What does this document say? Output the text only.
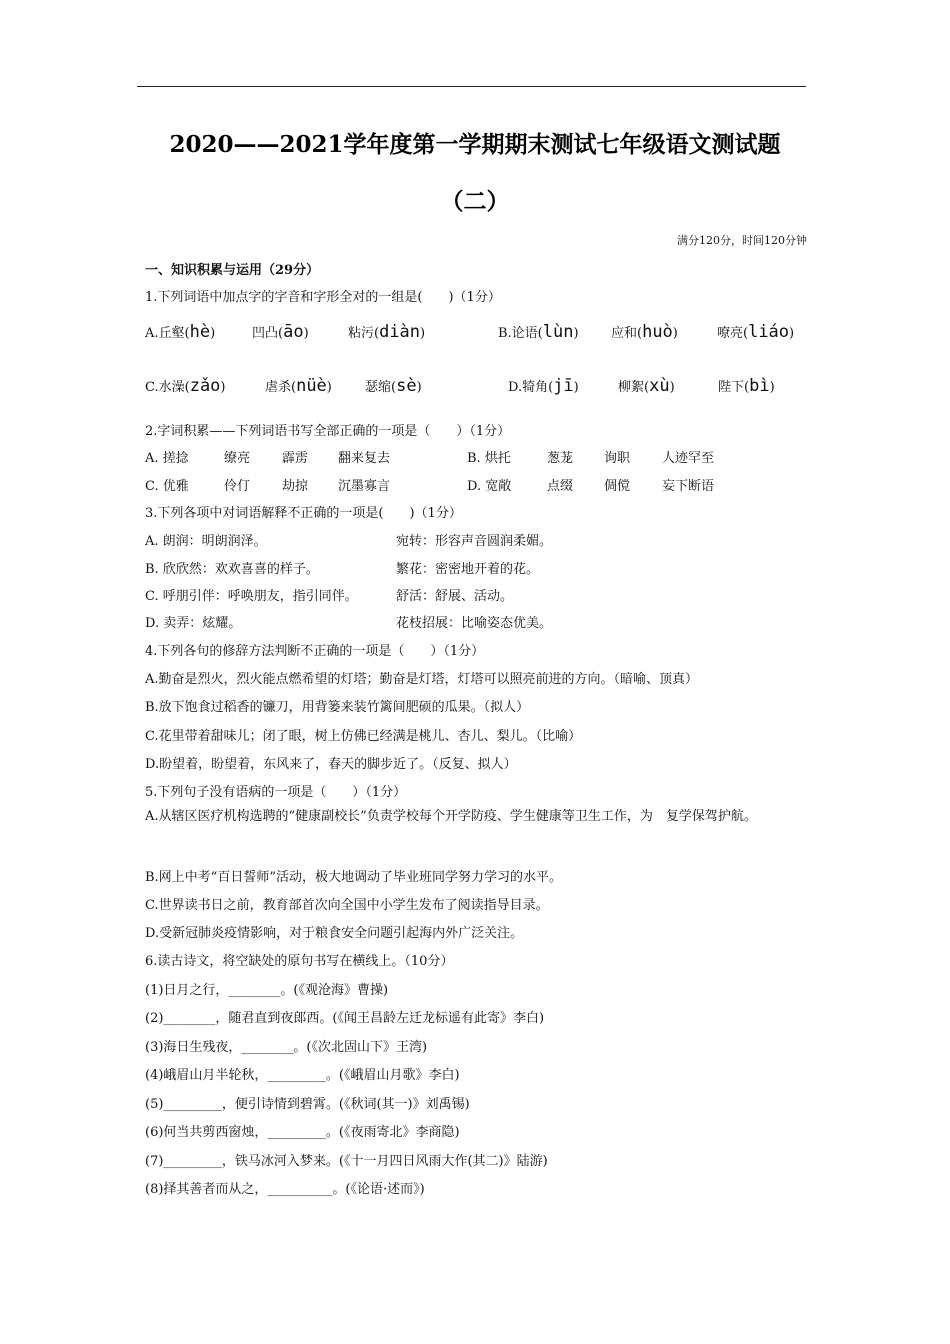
2020——2021学年度第一学期期末测试七年级语文测试题
（二）
满分120分，时间120分钟
一、知识积累与运用（29分）
1.下列词语中加点字的字音和字形全对的一组是(　　)（1分）
A.丘壑(hè)	凹凸(āo)	粘污(diàn)	B.论语(lùn) 应和(huò)	嘹亮(liáo)
C.水澡(zǎo)	虐杀(nüè)	瑟缩(sè)	D.犄角(jī)	柳絮(xù)	陛下(bì)
2.字词积累——下列词语书写全部正确的一项是（　　）（1分）
A. 搓捻	缭亮 霹雳 翻来复去	B. 烘托	葱茏 询职 人迹罕至
C. 优雅	伶仃 劫掠 沉墨寡言	D. 宽敞	点缀 倜傥 妄下断语
3.下列各项中对词语解释不正确的一项是(　　)（1分）
A. 朗润：明朗润泽。	宛转：形容声音圆润柔媚。
B. 欣欣然：欢欢喜喜的样子。	繁花：密密地开着的花。
C. 呼朋引伴：呼唤朋友，指引同伴。	舒活：舒展、活动。
D. 卖弄：炫耀。	花枝招展：比喻姿态优美。
4.下列各句的修辞方法判断不正确的一项是（　　）（1分）
A.勤奋是烈火，烈火能点燃希望的灯塔；勤奋是灯塔，灯塔可以照亮前进的方向。（暗喻、顶真）
B.放下饱食过稻香的镰刀，用背篓来装竹篱间肥硕的瓜果。（拟人）
C.花里带着甜味儿；闭了眼，树上仿佛已经满是桃儿、杏儿、梨儿。（比喻）
D.盼望着，盼望着，东风来了，春天的脚步近了。（反复、拟人）
5.下列句子没有语病的一项是（　　）（1分）
A.从辖区医疗机构选聘的“健康副校长”负责学校每个开学防疫、学生健康等卫生工作，为　复学保驾护航。
B.网上中考“百日誓师”活动，极大地调动了毕业班同学努力学习的水平。
C.世界读书日之前，教育部首次向全国中小学生发布了阅读指导目录。
D.受新冠肺炎疫情影响，对于粮食安全问题引起海内外广泛关注。
6.读古诗文，将空缺处的原句书写在横线上。（10分）
(1)日月之行，________。(《观沧海》曹操)
(2)________，随君直到夜郎西。(《闻王昌龄左迁龙标遥有此寄》李白)
(3)海日生残夜，________。(《次北固山下》王湾)
(4)峨眉山月半轮秋，_________。(《峨眉山月歌》李白)
(5)_________，便引诗情到碧霄。(《秋词(其一)》刘禹锡)
(6)何当共剪西窗烛，_________。(《夜雨寄北》李商隐)
(7)_________，铁马冰河入梦来。(《十一月四日风雨大作(其二)》陆游)
(8)择其善者而从之，__________。(《论语·述而》)
